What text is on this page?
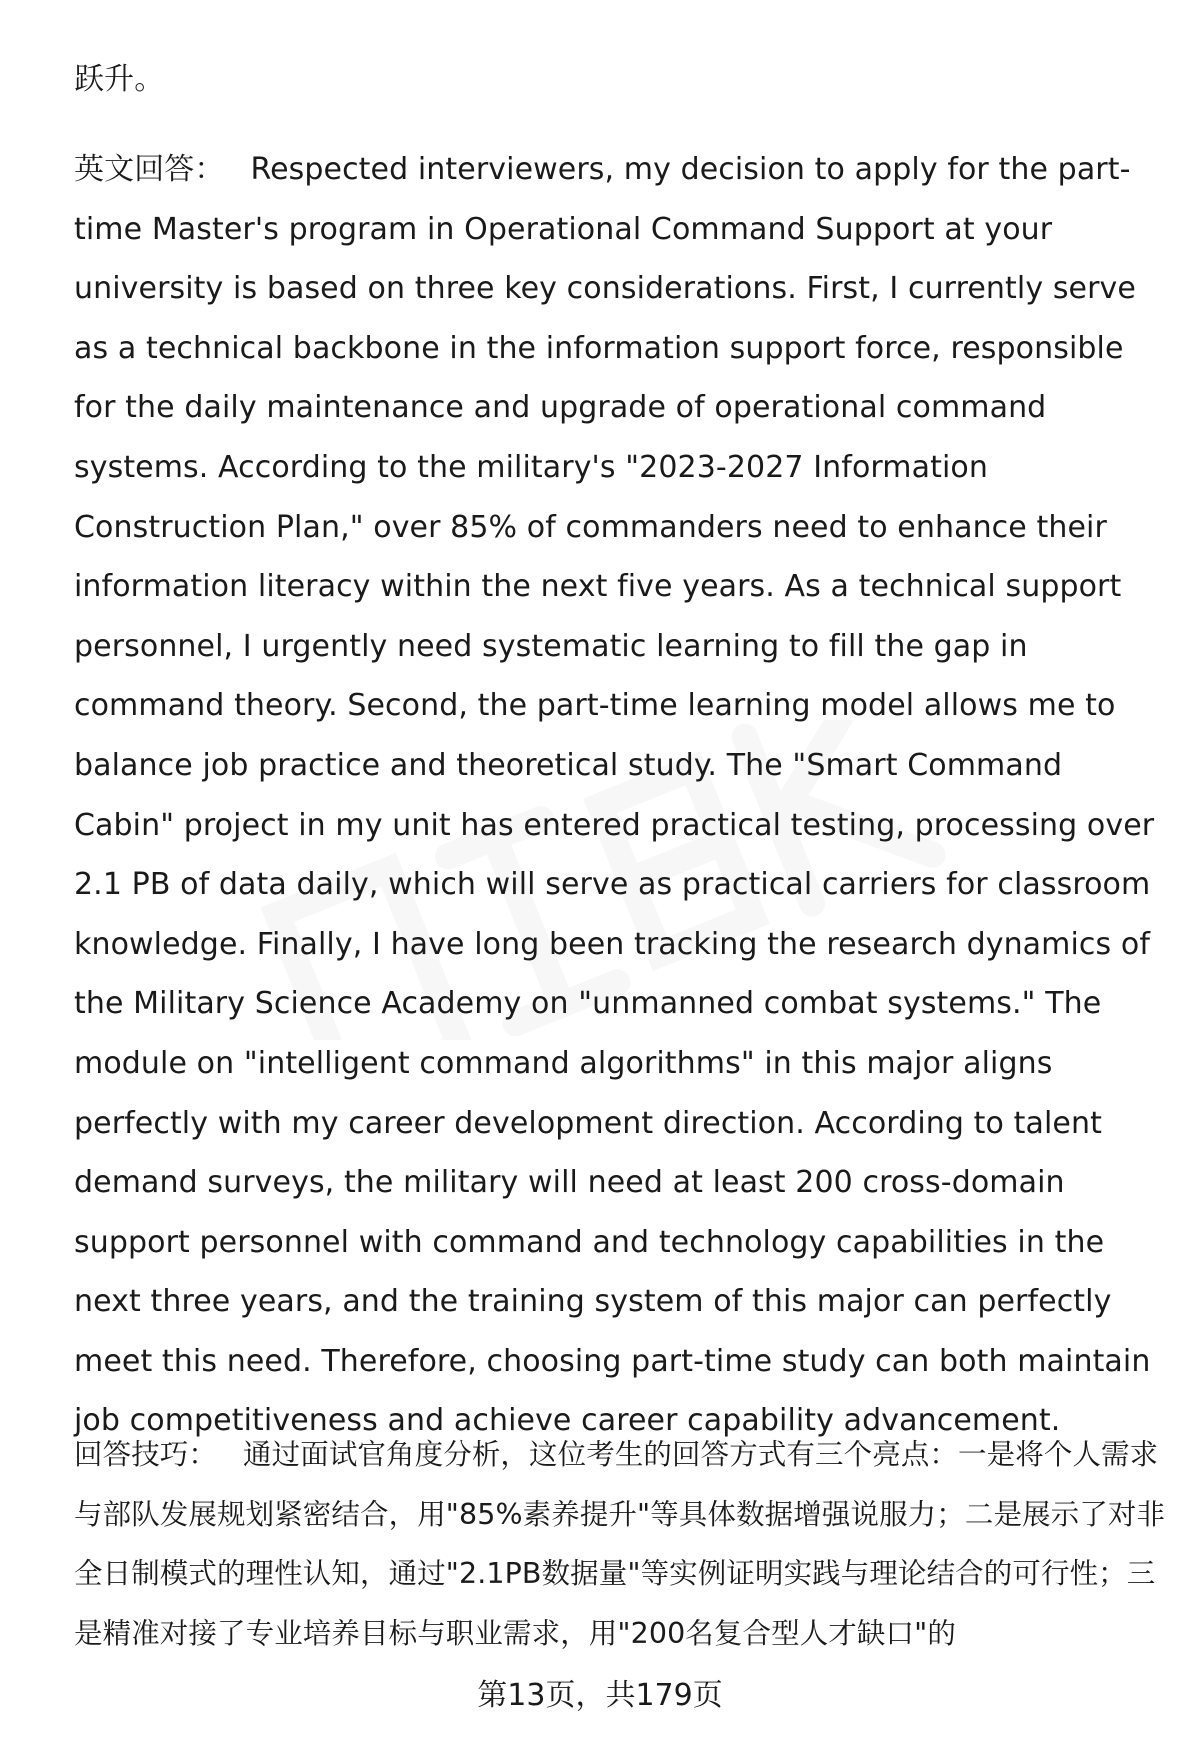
跃升。

英文回答： Respected interviewers, my decision to apply for the part-time Master's program in Operational Command Support at your university is based on three key considerations. First, I currently serve as a technical backbone in the information support force, responsible for the daily maintenance and upgrade of operational command systems. According to the military's "2023-2027 Information Construction Plan," over 85% of commanders need to enhance their information literacy within the next five years. As a technical support personnel, I urgently need systematic learning to fill the gap in command theory. Second, the part-time learning model allows me to balance job practice and theoretical study. The "Smart Command Cabin" project in my unit has entered practical testing, processing over 2.1 PB of data daily, which will serve as practical carriers for classroom knowledge. Finally, I have long been tracking the research dynamics of the Military Science Academy on "unmanned combat systems." The module on "intelligent command algorithms" in this major aligns perfectly with my career development direction. According to talent demand surveys, the military will need at least 200 cross-domain support personnel with command and technology capabilities in the next three years, and the training system of this major can perfectly meet this need. Therefore, choosing part-time study can both maintain job competitiveness and achieve career capability advancement.

回答技巧： 通过面试官角度分析，这位考生的回答方式有三个亮点：一是将个人需求与部队发展规划紧密结合，用"85%素养提升"等具体数据增强说服力；二是展示了对非全日制模式的理性认知，通过"2.1PB数据量"等实例证明实践与理论结合的可行性；三是精准对接了专业培养目标与职业需求，用"200名复合型人才缺口"的

第13页，共179页
